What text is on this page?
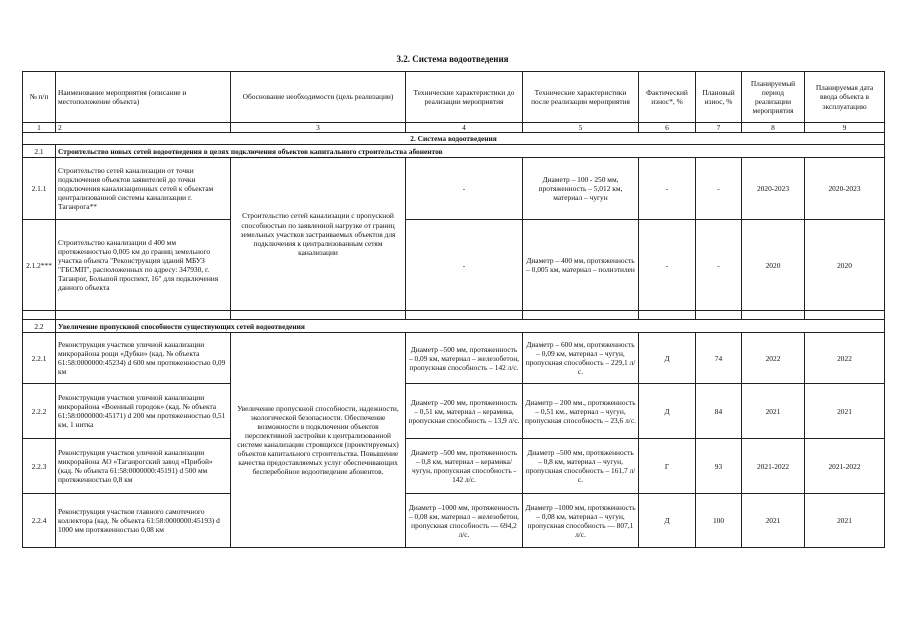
3.2. Система водоотведения
№ п/п	Наименование мероприятия (описание и местоположение объекта)	Обоснование необходимости (цель реализации)	Технические характеристики до реализации мероприятия	Технические характеристики после реализации мероприятия	Фактический износ*, %	Плановый износ, %	Планируемый период реализации мероприятия	Планируемая дата ввода объекта в эксплуатацию
1	2	3	4	5	6	7	8	9
2. Система водоотведения								
2.1	Строительство новых сетей водоотведения в целях подключения объектов капитального строительства абонентов							
2.1.1	Строительство сетей канализации от точки подключения объектов заявителей до точки подключения канализационных сетей к объектам централизованной системы канализации г. Таганрога**	Строительство сетей канализации с пропускной способностью по заявленной нагрузке от границ земельных участков застраиваемых объектов для подключения к централизованным сетям канализации	-	Диаметр – 100 - 250 мм, протяженность – 5,012 км, материал – чугун	-	-	2020-2023	2020-2023
2.1.2***	Строительство канализации d 400 мм протяженностью 0,005 км до границ земельного участка объекта "Реконструкция зданий МБУЗ "ГБСМП", расположенных по адресу: 347930, г. Таганрог, Большой проспект, 16" для подключения данного объекта		-	Диаметр – 400 мм, протяженность – 0,005 км, материал – полиэтилен	-	-	2020	2020

2.2	Увеличение пропускной способности существующих сетей водоотведения							
2.2.1	Реконструкция участков уличной канализации микрорайона рощи «Дубки» (кад. № объекта 61:58:0000000:45234) d 600 мм протяженностью 0,09 км	Увеличение пропускной способности, надежности, экологической безопасности. Обеспечение возможности в подключении объектов перспективной застройки к централизованной системе канализации строящихся (проектируемых) объектов капитального строительства. Повышение качества предоставляемых услуг обеспечивающих бесперебойное водоотведение абонентов.	Диаметр –500 мм, протяженность – 0,09 км, материал – железобетон, пропускная способность – 142 л/с.	Диаметр – 600 мм, протяженность – 0,09 км, материал – чугун, пропускная способность – 229,1 л/с.	Д	74	2022	2022
2.2.2	Реконструкция участков уличной канализации микрорайона «Военный городок» (кад. № объекта 61:58:0000000:45171) d 200 мм протяженностью 0,51 км, 1 нитка		Диаметр –200 мм, протяженность – 0,51 км, материал – керамика, пропускная способность – 13,9 л/с.	Диаметр – 200 мм., протяженность – 0,51 км., материал – чугун, пропускная способность – 23,6 л/с.	Д	84	2021	2021
2.2.3	Реконструкция участков уличной канализации микрорайона АО «Таганрогский завод «Прибой» (кад. № объекта 61:58:0000000:45191) d 500 мм протяженностью 0,8 км		Диаметр –500 мм, протяженность – 0,8 км, материал – керамика/чугун, пропускная способность - 142 л/с.	Диаметр –500 мм, протяженность – 0,8 км, материал – чугун, пропускная способность – 161,7 л/с.	Г	93	2021-2022	2021-2022
2.2.4	Реконструкция участков главного самотечного коллектора (кад. № объекта 61:58:0000000:45193) d 1000 мм протяженностью 0,08 км		Диаметр –1000 мм, протяженность – 0,08 км, материал – железобетон, пропускная способность — 694,2 л/с.	Диаметр –1000 мм, протяженность – 0,08 км, материал – чугун, пропускная способность — 807,1 л/с.	Д	100	2021	2021
